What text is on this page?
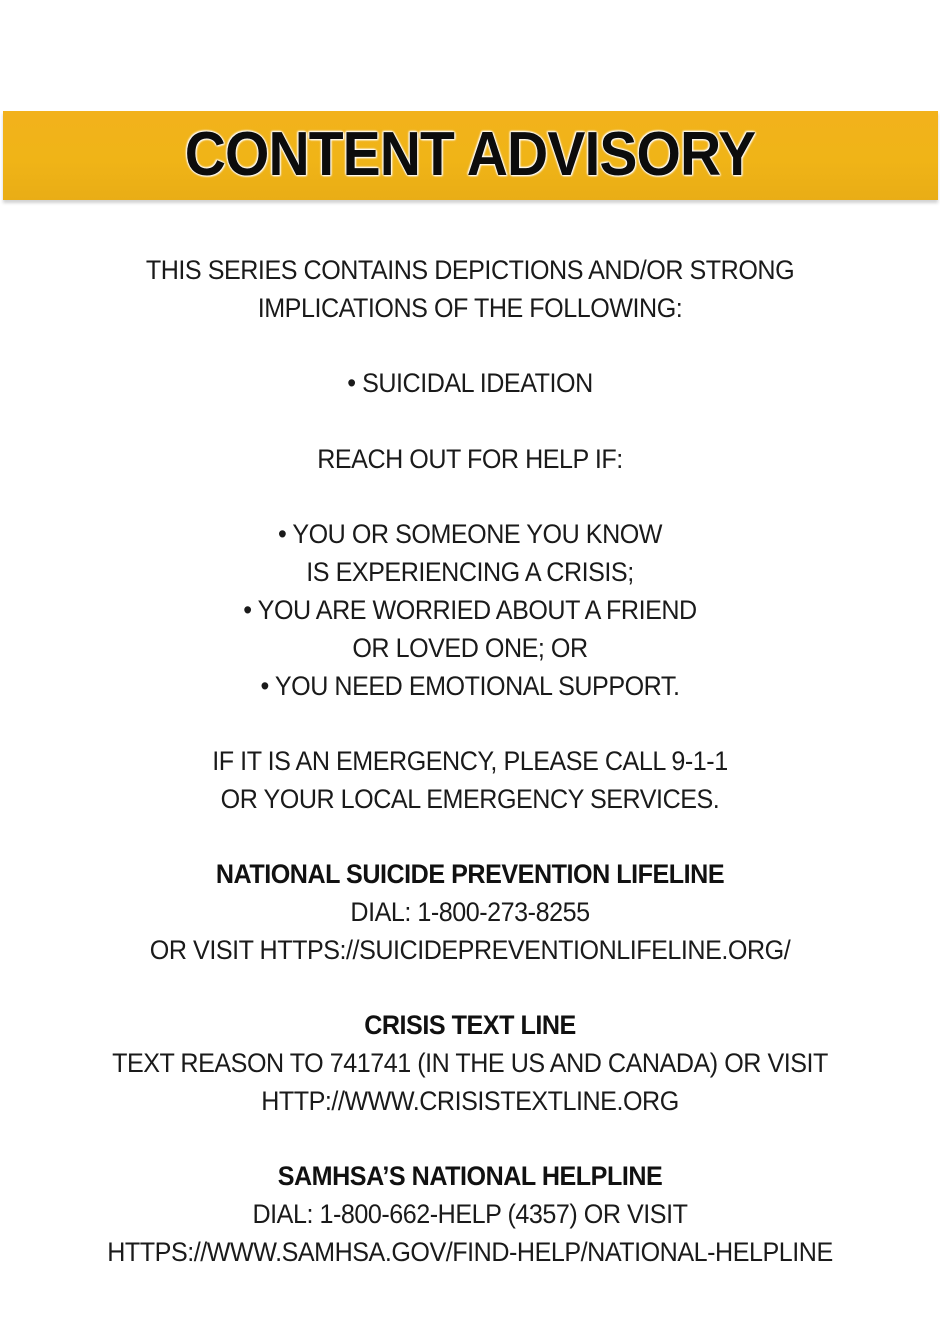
CONTENT ADVISORY
THIS SERIES CONTAINS DEPICTIONS AND/OR STRONG
IMPLICATIONS OF THE FOLLOWING:
• SUICIDAL IDEATION
REACH OUT FOR HELP IF:
• YOU OR SOMEONE YOU KNOW
IS EXPERIENCING A CRISIS;
• YOU ARE WORRIED ABOUT A FRIEND
OR LOVED ONE; OR
• YOU NEED EMOTIONAL SUPPORT.
IF IT IS AN EMERGENCY, PLEASE CALL 9-1-1
OR YOUR LOCAL EMERGENCY SERVICES.
NATIONAL SUICIDE PREVENTION LIFELINE
DIAL: 1-800-273-8255
OR VISIT HTTPS://SUICIDEPREVENTIONLIFELINE.ORG/
CRISIS TEXT LINE
TEXT REASON TO 741741 (IN THE US AND CANADA) OR VISIT
HTTP://WWW.CRISISTEXTLINE.ORG
SAMHSA’S NATIONAL HELPLINE
DIAL: 1-800-662-HELP (4357) OR VISIT
HTTPS://WWW.SAMHSA.GOV/FIND-HELP/NATIONAL-HELPLINE
